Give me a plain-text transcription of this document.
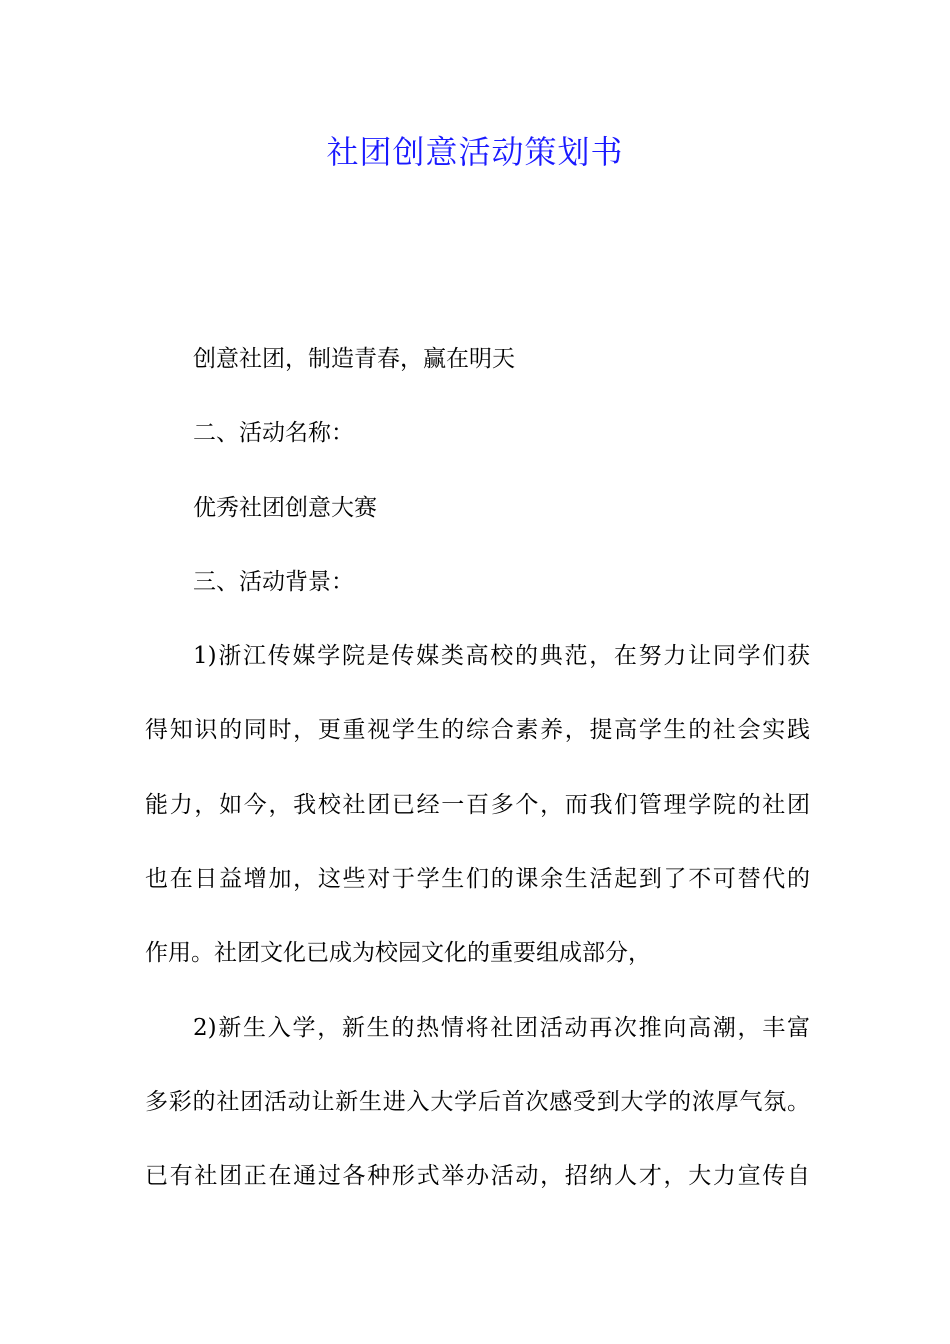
社团创意活动策划书

创意社团，制造青春，赢在明天

二、活动名称：

优秀社团创意大赛

三、活动背景：

1)浙江传媒学院是传媒类高校的典范，在努力让同学们获

得知识的同时，更重视学生的综合素养，提高学生的社会实践

能力，如今，我校社团已经一百多个，而我们管理学院的社团

也在日益增加，这些对于学生们的课余生活起到了不可替代的

作用。社团文化已成为校园文化的重要组成部分，

2)新生入学，新生的热情将社团活动再次推向高潮，丰富

多彩的社团活动让新生进入大学后首次感受到大学的浓厚气氛。

已有社团正在通过各种形式举办活动，招纳人才，大力宣传自
